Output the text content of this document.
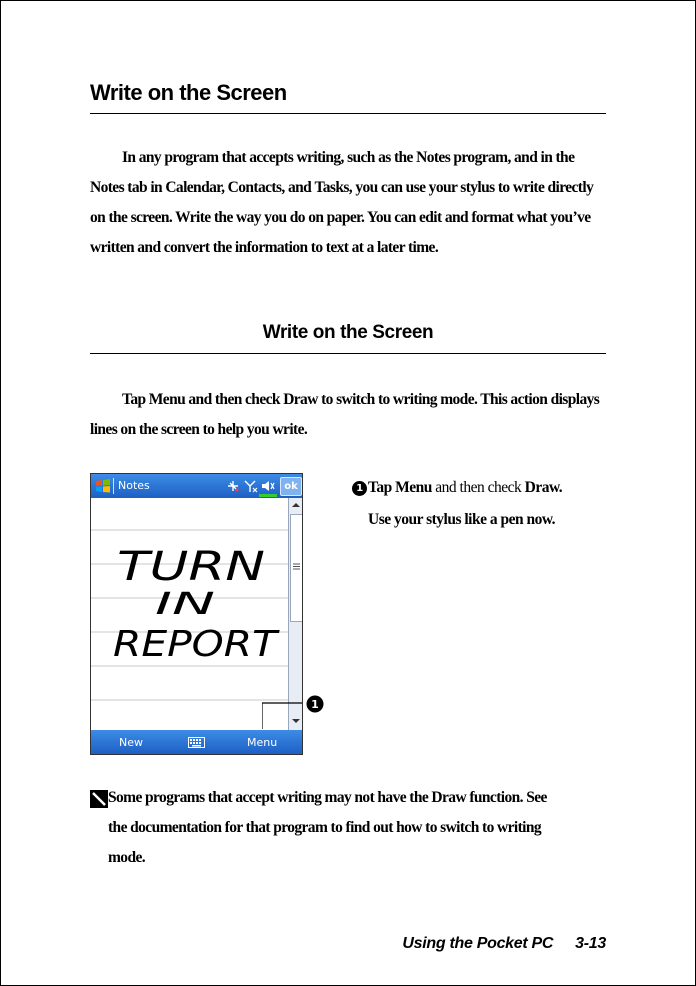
Write on the Screen
In any program that accepts writing, such as the Notes program, and in the Notes tab in Calendar, Contacts, and Tasks, you can use your stylus to write directly on the screen. Write the way you do on paper. You can edit and format what you’ve written and convert the information to text at a later time.
Write on the Screen
Tap Menu and then check Draw to switch to writing mode. This action displays lines on the screen to help you write.
Notes	ok
TURN
IN
REPORT
New	Menu
1
1 Tap Menu and then check Draw.
Use your stylus like a pen now.
Some programs that accept writing may not have the Draw function. See
the documentation for that program to find out how to switch to writing
mode.
Using the Pocket PC 3-13
